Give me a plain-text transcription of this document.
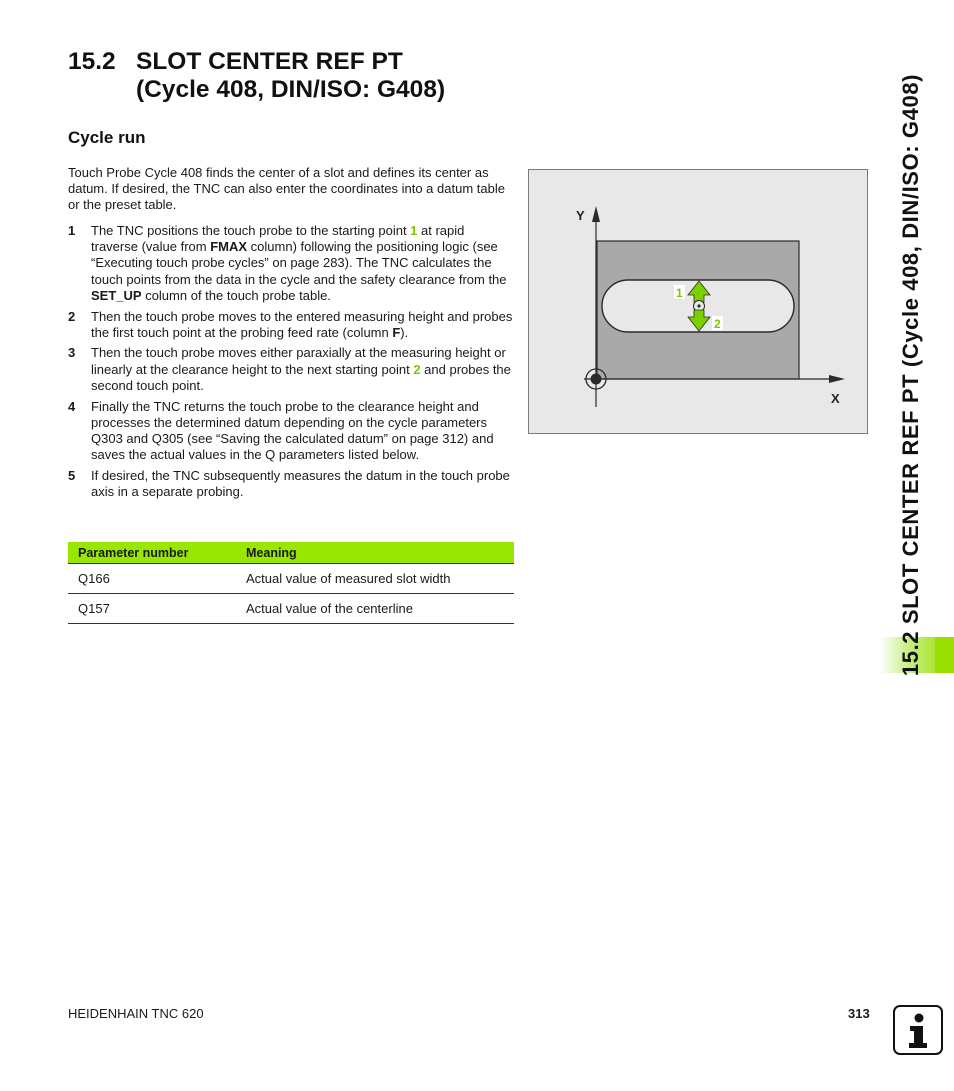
15.2 SLOT CENTER REF PT
(Cycle 408, DIN/ISO: G408)
Cycle run

Touch Probe Cycle 408 finds the center of a slot and defines its center as datum. If desired, the TNC can also enter the coordinates into a datum table or the preset table.

1 The TNC positions the touch probe to the starting point 1 at rapid traverse (value from FMAX column) following the positioning logic (see “Executing touch probe cycles” on page 283). The TNC calculates the touch points from the data in the cycle and the safety clearance from the SET_UP column of the touch probe table.
2 Then the touch probe moves to the entered measuring height and probes the first touch point at the probing feed rate (column F).
3 Then the touch probe moves either paraxially at the measuring height or linearly at the clearance height to the next starting point 2 and probes the second touch point.
4 Finally the TNC returns the touch probe to the clearance height and processes the determined datum depending on the cycle parameters Q303 and Q305 (see “Saving the calculated datum” on page 312) and saves the actual values in the Q parameters listed below.
5 If desired, the TNC subsequently measures the datum in the touch probe axis in a separate probing.
Parameter number	Meaning
Q166	Actual value of measured slot width
Q157	Actual value of the centerline
Y
X
1
2	15.2 SLOT CENTER REF PT (Cycle 408, DIN/ISO: G408)
HEIDENHAIN TNC 620	313
